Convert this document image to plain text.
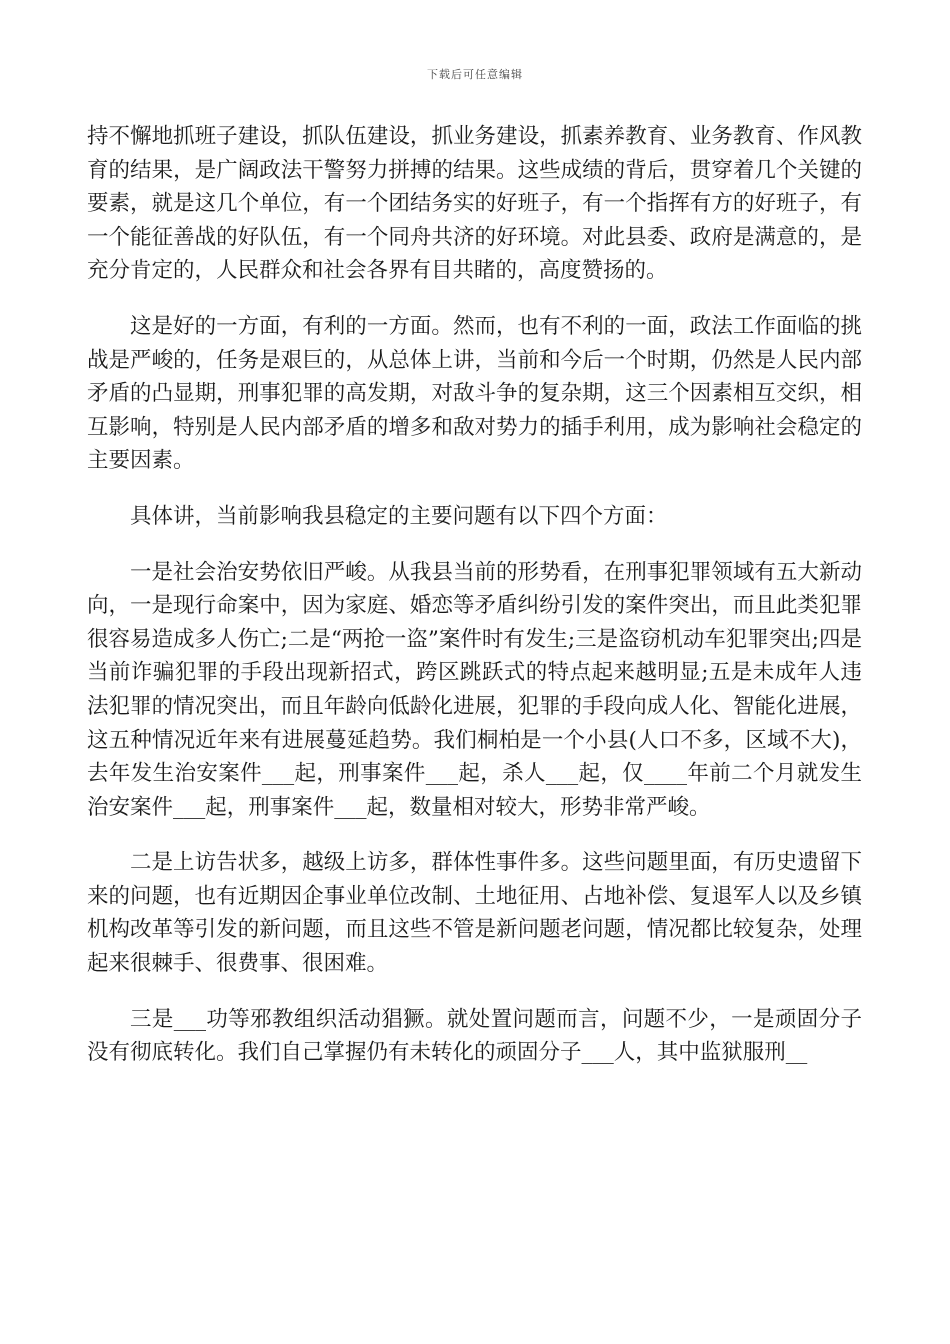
下载后可任意编辑

持不懈地抓班子建设，抓队伍建设，抓业务建设，抓素养教育、业务教育、作风教育的结果，是广阔政法干警努力拼搏的结果。这些成绩的背后，贯穿着几个关键的要素，就是这几个单位，有一个团结务实的好班子，有一个指挥有方的好班子，有一个能征善战的好队伍，有一个同舟共济的好环境。对此县委、政府是满意的，是充分肯定的，人民群众和社会各界有目共睹的，高度赞扬的。

这是好的一方面，有利的一方面。然而，也有不利的一面，政法工作面临的挑战是严峻的，任务是艰巨的，从总体上讲，当前和今后一个时期，仍然是人民内部矛盾的凸显期，刑事犯罪的高发期，对敌斗争的复杂期，这三个因素相互交织，相互影响，特别是人民内部矛盾的增多和敌对势力的插手利用，成为影响社会稳定的主要因素。

具体讲，当前影响我县稳定的主要问题有以下四个方面：

一是社会治安势依旧严峻。从我县当前的形势看，在刑事犯罪领域有五大新动向，一是现行命案中，因为家庭、婚恋等矛盾纠纷引发的案件突出，而且此类犯罪很容易造成多人伤亡;二是“两抢一盗”案件时有发生;三是盗窃机动车犯罪突出;四是当前诈骗犯罪的手段出现新招式，跨区跳跃式的特点起来越明显;五是未成年人违法犯罪的情况突出，而且年龄向低龄化进展，犯罪的手段向成人化、智能化进展，这五种情况近年来有进展蔓延趋势。我们桐柏是一个小县(人口不多，区域不大)，去年发生治安案件___起，刑事案件___起，杀人___起，仅____年前二个月就发生治安案件___起，刑事案件___起，数量相对较大，形势非常严峻。

二是上访告状多，越级上访多，群体性事件多。这些问题里面，有历史遗留下来的问题，也有近期因企事业单位改制、土地征用、占地补偿、复退军人以及乡镇机构改革等引发的新问题，而且这些不管是新问题老问题，情况都比较复杂，处理起来很棘手、很费事、很困难。

三是___功等邪教组织活动猖獗。就处置问题而言，问题不少，一是顽固分子没有彻底转化。我们自己掌握仍有未转化的顽固分子___人，其中监狱服刑__
